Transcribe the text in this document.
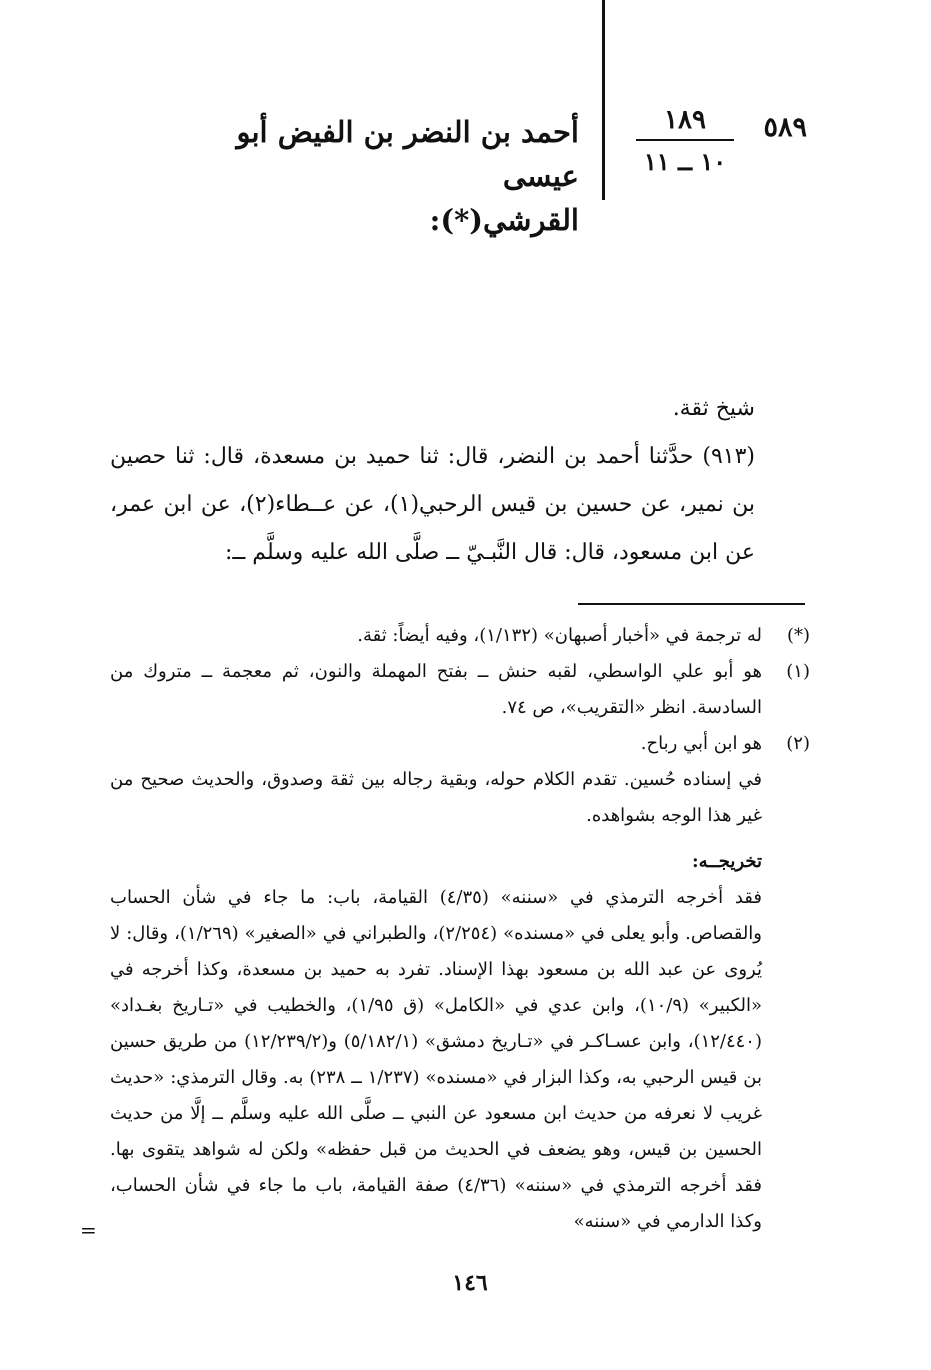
٥٨٩
١٨٩
١٠ ــ ١١
أحمد بن النضر بن الفيض أبو عيسى
القرشي(*):

شيخ ثقة.

(٩١٣) حدَّثنا أحمد بن النضر، قال: ثنا حميد بن مسعدة، قال: ثنا حصين بن نمير، عن حسين بن قيس الرحبي(١)، عن عــطاء(٢)، عن ابن عمر، عن ابن مسعود، قال: قال النَّبـيّ ــ صلَّى الله عليه وسلَّم ــ:

(*)
له ترجمة في «أخبار أصبهان» (١/١٣٢)، وفيه أيضاً: ثقة.
(١)
هو أبو علي الواسطي، لقبه حنش ــ بفتح المهملة والنون، ثم معجمة ــ متروك من السادسة. انظر «التقريب»، ص ٧٤.
(٢)
هو ابن أبي رباح.
في إسناده حُسين. تقدم الكلام حوله، وبقية رجاله بين ثقة وصدوق، والحديث صحيح من غير هذا الوجه بشواهده.
تخريجــه:
فقد أخرجه الترمذي في «سننه» (٤/٣٥) القيامة، باب: ما جاء في شأن الحساب والقصاص. وأبو يعلى في «مسنده» (٢/٢٥٤)، والطبراني في «الصغير» (١/٢٦٩)، وقال: لا يُروى عن عبد الله بن مسعود بهذا الإسناد. تفرد به حميد بن مسعدة، وكذا أخرجه في «الكبير» (١٠/٩)، وابن عدي في «الكامل» (ق ١/٩٥)، والخطيب في «تـاريخ بغـداد» (١٢/٤٤٠)، وابن عسـاكـر في «تـاريخ دمشق» (٥/١٨٢/١) و(١٢/٢٣٩/٢) من طريق حسين بن قيس الرحبي به، وكذا البزار في «مسنده» (١/٢٣٧ ــ ٢٣٨) به. وقال الترمذي: «حديث غريب لا نعرفه من حديث ابن مسعود عن النبي ــ صلَّى الله عليه وسلَّم ــ إلَّا من حديث الحسين بن قيس، وهو يضعف في الحديث من قبل حفظه» ولكن له شواهد يتقوى بها. فقد أخرجه الترمذي في «سننه» (٤/٣٦) صفة القيامة، باب ما جاء في شأن الحساب، وكذا الدارمي في «سننه»
=
١٤٦
